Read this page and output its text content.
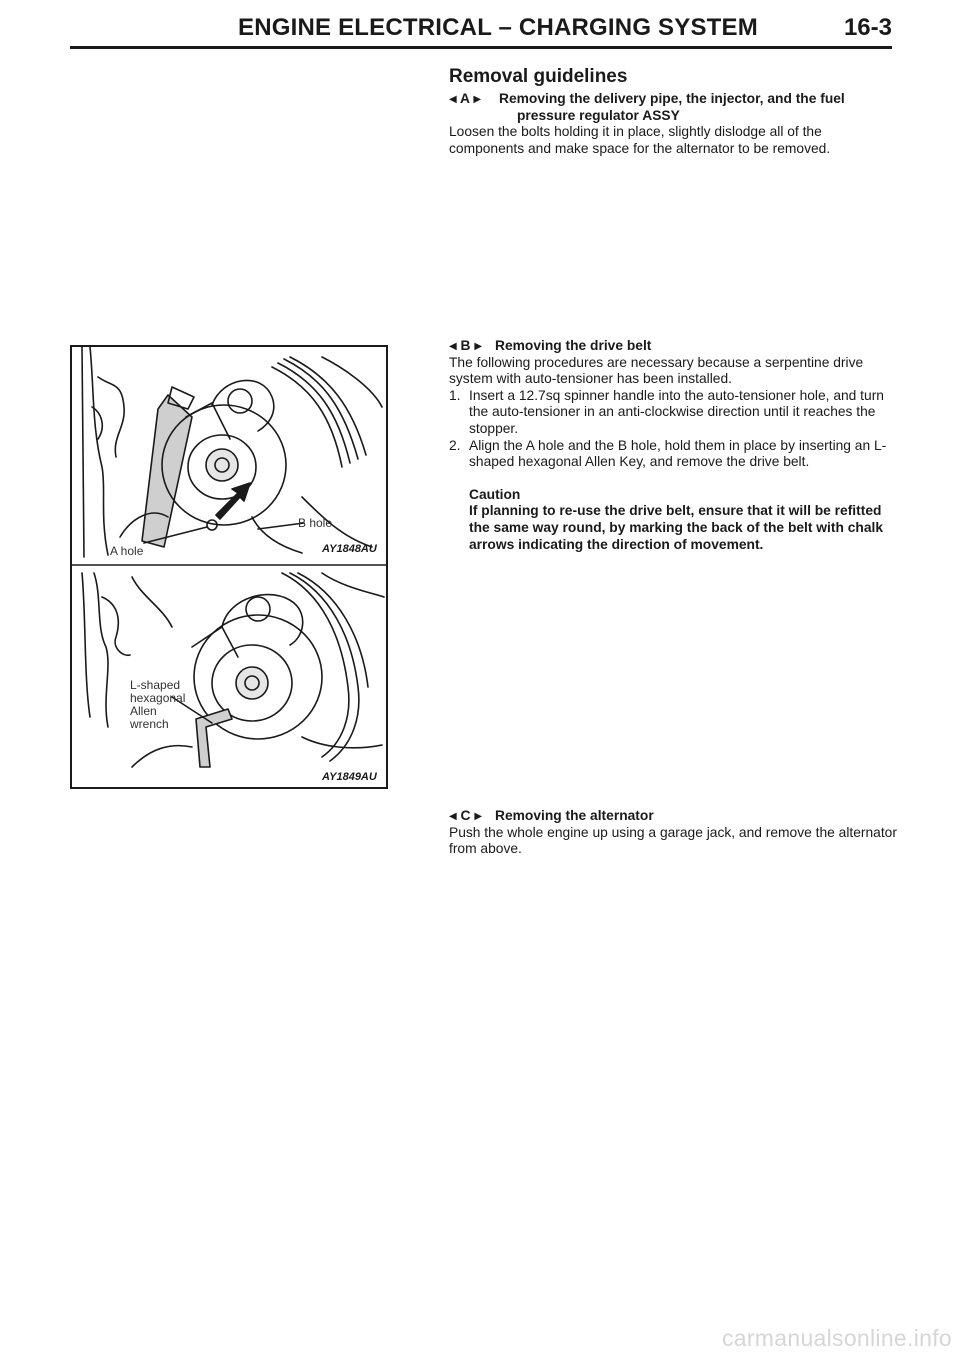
ENGINE ELECTRICAL – CHARGING SYSTEM	16-3
Removal guidelines
◀ A ▶ Removing the delivery pipe, the injector, and the fuel
pressure regulator ASSY

Loosen the bolts holding it in place, slightly dislodge all of the components and make space for the alternator to be removed.

◀ B ▶ Removing the drive belt

The following procedures are necessary because a serpentine drive system with auto-tensioner has been installed.

1. Insert a 12.7sq spinner handle into the auto-tensioner hole, and turn the auto-tensioner in an anti-clockwise direction until it reaches the stopper.
2. Align the A hole and the B hole, hold them in place by inserting an L-shaped hexagonal Allen Key, and remove the drive belt.
Caution
If planning to re-use the drive belt, ensure that it will be refitted the same way round, by marking the back of the belt with chalk arrows indicating the direction of movement.
◀ C ▶ Removing the alternator

Push the whole engine up using a garage jack, and remove the alternator from above.

B hole
A hole	AY1848AU
L-shaped
hexagonal
Allen
wrench
AY1849AU
carmanualsonline.info
